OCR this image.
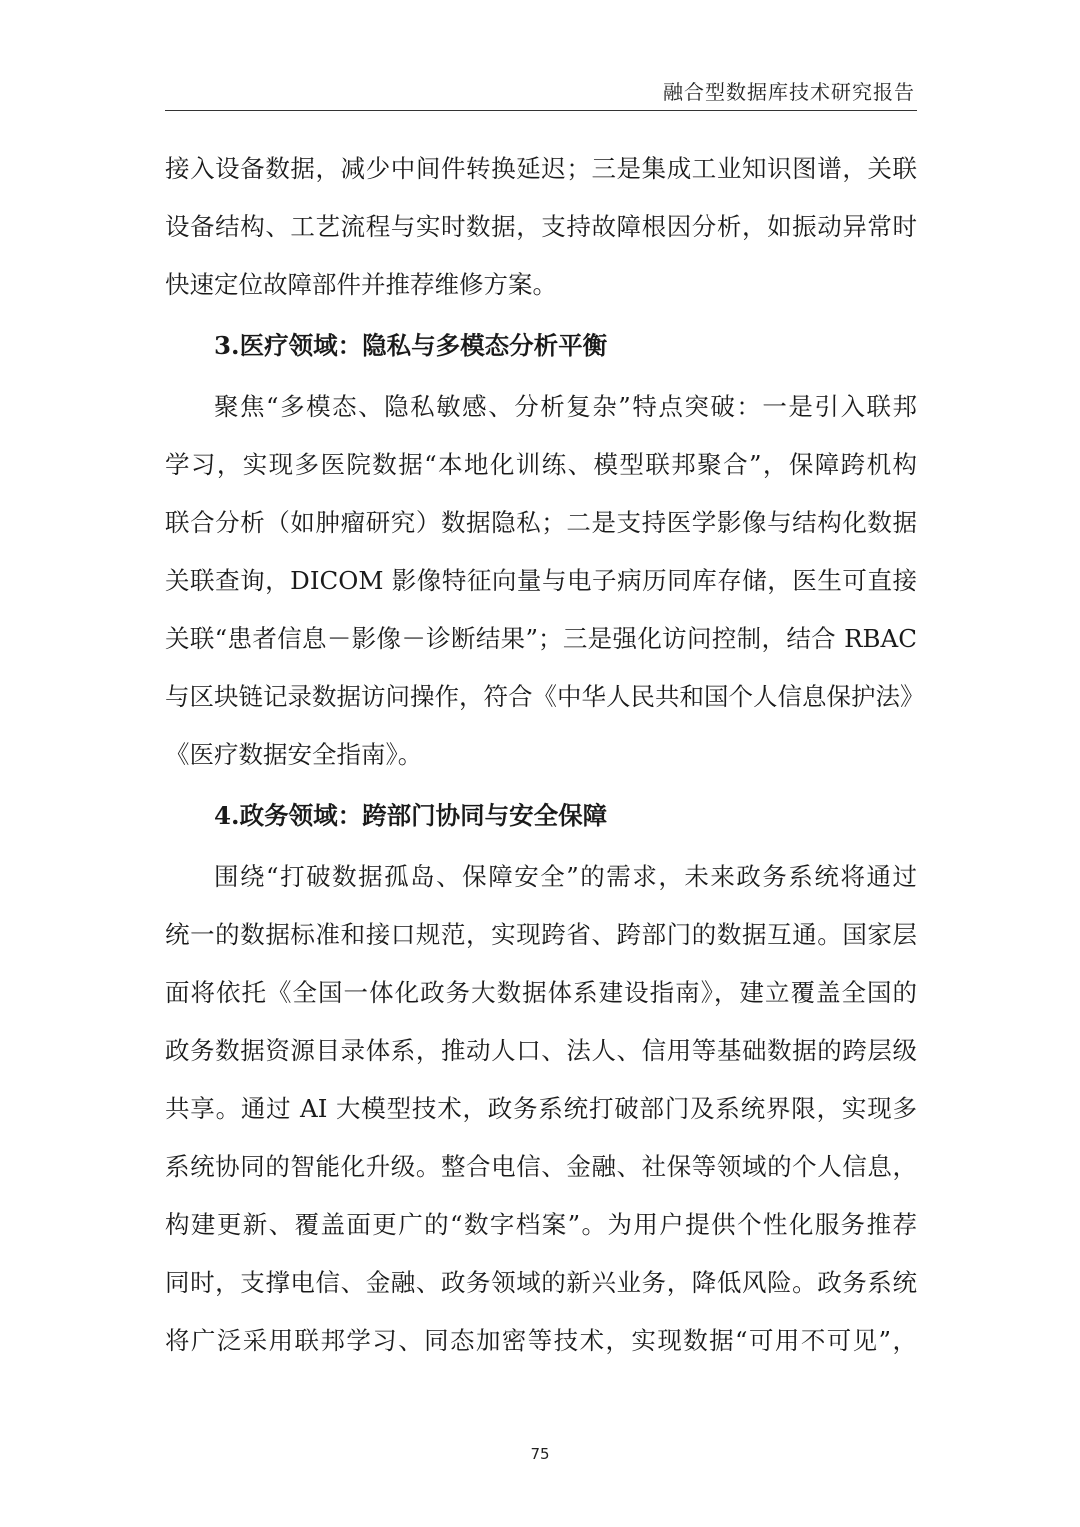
融合型数据库技术研究报告
接入设备数据，减少中间件转换延迟；三是集成工业知识图谱，关联
设备结构、工艺流程与实时数据，支持故障根因分析，如振动异常时
快速定位故障部件并推荐维修方案。
3.医疗领域：隐私与多模态分析平衡
聚焦“多模态、隐私敏感、分析复杂”特点突破：一是引入联邦
学习，实现多医院数据“本地化训练、模型联邦聚合”，保障跨机构
联合分析（如肿瘤研究）数据隐私；二是支持医学影像与结构化数据
关联查询，DICOM 影像特征向量与电子病历同库存储，医生可直接
关联“患者信息－影像－诊断结果”；三是强化访问控制，结合 RBAC
与区块链记录数据访问操作，符合《中华人民共和国个人信息保护法》
《医疗数据安全指南》。
4.政务领域：跨部门协同与安全保障
围绕“打破数据孤岛、保障安全”的需求，未来政务系统将通过
统一的数据标准和接口规范，实现跨省、跨部门的数据互通。国家层
面将依托《全国一体化政务大数据体系建设指南》，建立覆盖全国的
政务数据资源目录体系，推动人口、法人、信用等基础数据的跨层级
共享。通过 AI 大模型技术，政务系统打破部门及系统界限，实现多
系统协同的智能化升级。整合电信、金融、社保等领域的个人信息，
构建更新、覆盖面更广的“数字档案”。为用户提供个性化服务推荐
同时，支撑电信、金融、政务领域的新兴业务，降低风险。政务系统
将广泛采用联邦学习、同态加密等技术，实现数据“可用不可见”，
75
